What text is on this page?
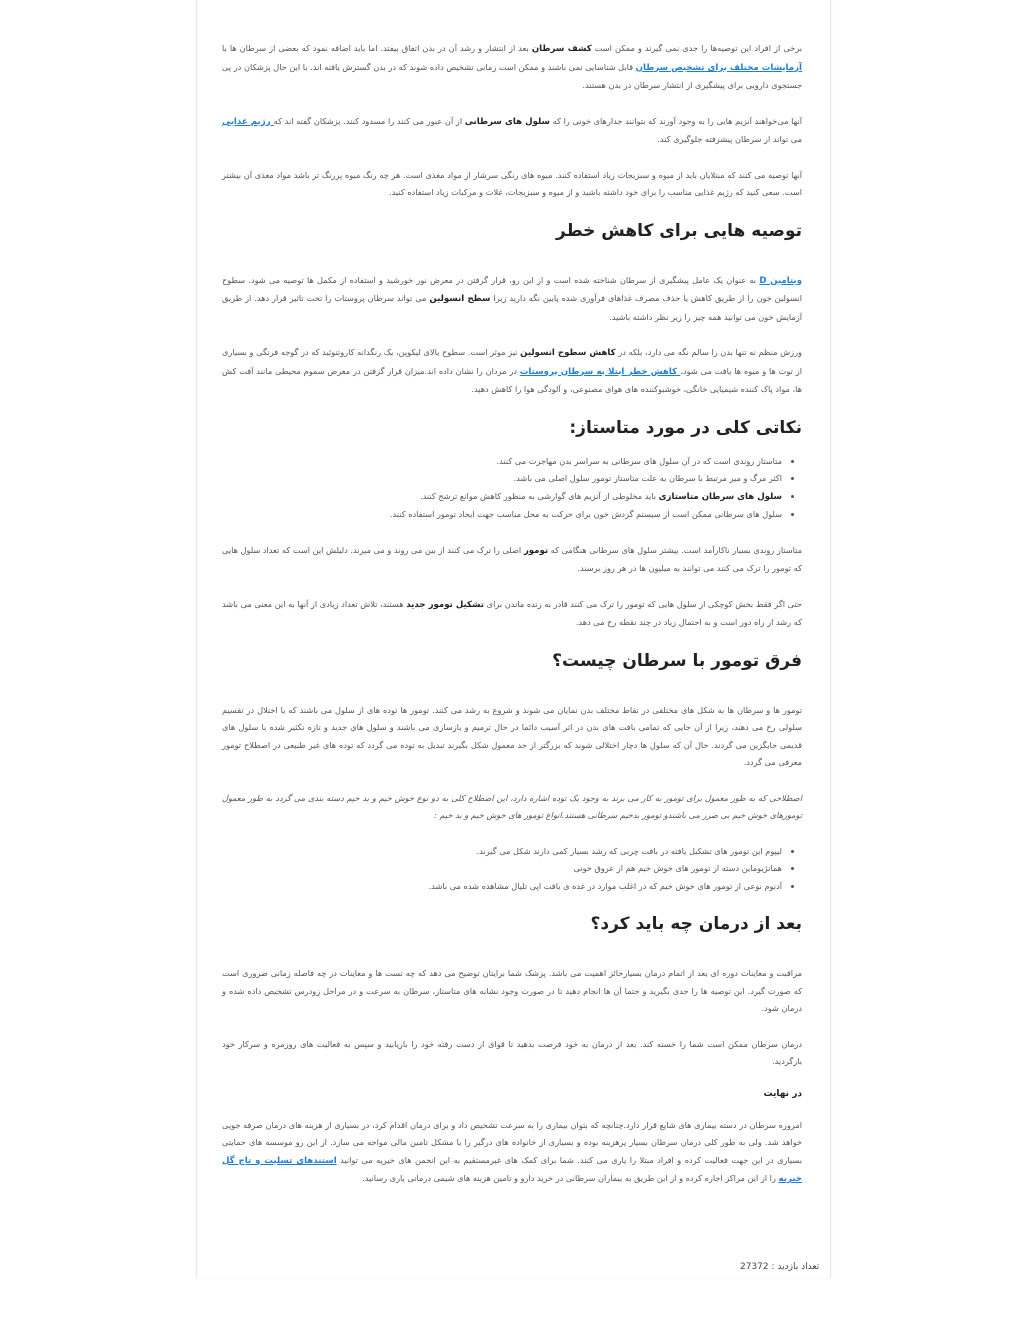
برخی از افراد این توصیه‌ها را جدی نمی گیرند و ممکن است کشف سرطان بعد از انتشار و رشد آن در بدن اتفاق بیفتد. اما باید اضافه نمود که بعضی از سرطان ها با آزمایشات مختلف برای تشخیص سرطان قابل شناسایی نمی باشند و ممکن است زمانی تشخیص داده شوند که در بدن گسترش یافته اند. با این حال پزشکان در پی جستجوی دارویی برای پیشگیری از انتشار سرطان در بدن هستند.

آنها می‌خواهند آنزیم هایی را به وجود آورند که بتوانند جدارهای خونی را که سلول های سرطانی از آن عبور می کنند را مسدود کنند. پزشکان گفته اند که رژیم غذایی می تواند از سرطان پیشرفته جلوگیری کند.

آنها توصیه می کنند که مبتلایان باید از میوه و سبزیجات زیاد استفاده کنند. میوه های رنگی سرشار از مواد مغذی است. هر چه رنگ میوه پررنگ تر باشد مواد مغذی آن بیشتر است. سعی کنید که رژیم غذایی مناسب را برای خود داشته باشید و از میوه و سبزیجات، غلات و مرکبات زیاد استفاده کنید.

توصیه هایی برای کاهش خطر

ویتامین D به عنوان یک عامل پیشگیری از سرطان شناخته شده است و از این رو، قرار گرفتن در معرض نور خورشید و استفاده از مکمل ها توصیه می شود. سطوح انسولین خون را از طریق کاهش یا حذف مصرف غذاهای فرآوری شده پایین نگه دارید زیرا سطح انسولین می تواند سرطان پروستات را تحت تاثیر قرار دهد. از طریق آزمایش خون می توانید همه چیز را زیر نظر داشته باشید.

ورزش منظم نه تنها بدن را سالم نگه می دارد، بلکه در کاهش سطوح انسولین نیز موثر است. سطوح بالای لیکوپن، یک رنگدانه کاروتنوئید که در گوجه فرنگی و بسیاری از توت ها و میوه ها یافت می شود، کاهش خطر ابتلا به سرطان پروستات در مردان را نشان داده اند.میزان قرار گرفتن در معرض سموم محیطی مانند آفت کش ها، مواد پاک کننده شیمیایی خانگی، خوشبوکننده های هوای مصنوعی، و آلودگی هوا را کاهش دهید.

نکاتی کلی در مورد متاستاز:
• متاستاز روندی است که در آن سلول های سرطانی به سراسر بدن مهاجرت می کنند.
• اکثر مرگ و میر مرتبط با سرطان به علت متاستاز تومور سلول اصلی می باشد.
• سلول های سرطان متاستازی باید مخلوطی از آنزیم های گوارشی به منظور کاهش موانع ترشح کنند.
• سلول های سرطانی ممکن است از سیستم گردش خون برای حرکت به محل مناسب جهت ایجاد تومور استفاده کنند.

متاستاز روندی بسیار ناکارآمد است. بیشتر سلول های سرطانی هنگامی که تومور اصلی را ترک می کنند از بین می روند و می میرند. دلیلش این است که تعداد سلول هایی که تومور را ترک می کنند می توانند به میلیون ها در هر روز برسند.

حتی اگر فقط بخش کوچکی از سلول هایی که تومور را ترک می کنند قادر به زنده ماندن برای تشکیل تومور جدید هستند، تلاش تعداد زیادی از آنها به این معنی می باشد که رشد از راه دور است و به احتمال زیاد در چند نقطه رخ می دهد.

فرق تومور با سرطان چیست؟

تومور ها و سرطان ها به شکل های مختلفی در نقاط مختلف بدن نمایان می شوند و شروع به رشد می کنند. تومور ها توده های از سلول می باشند که با اختلال در تقسیم سلولی رخ می دهند، زیرا از آن جایی که تمامی بافت های بدن در اثر آسیب دائما در حال ترمیم و بازسازی می باشند و سلول های جدید و تازه تکثیر شده با سلول های قدیمی جایگزین می گردند. حال آن که سلول ها دچار اختلالی شوند که بزرگتر از حد معمول شکل بگیرند تبدیل به توده می گردد که توده های غیر طبیعی در اصطلاح تومور معرفی می گردد.

اصطلاحی که به طور معمول برای تومور به کار می برند به وجود یک توده اشاره دارد، این اصطلاح کلی به دو نوع خوش خیم و بد خیم دسته بندی می گردد به طور معمول تومورهای خوش خیم بی ضرر می باشندو تومور بدخیم سرطانی هستند.انواع تومور های خوش خیم و بد خیم :

• لیپوم این تومور های تشکیل یافته در بافت چربی که رشد بسیار کمی دارند شکل می گیرند.
• همانژیوماین دسته از تومور های خوش خیم هم از عروق خونی
• آدنوم نوعی از تومور های خوش خیم که در اغلب موارد در غده ی بافت اپی تلیال مشاهده شده می باشد.
بعد از درمان چه باید کرد؟

مراقبت و معاینات دوره ای بعد از اتمام درمان بسیارحائز اهمیت می باشد. پزشک شما برایتان توضیح می دهد که چه تست ها و معاینات در چه فاصله زمانی ضروری است که صورت گیرد. این توصیه ها را جدی بگیرید و حتما آن ها انجام دهید تا در صورت وجود نشانه های متاستاز، سرطان به سرعت و در مراحل زودرس تشخیص داده شده و درمان شود.

درمان سرطان ممکن است شما را خسته کند. بعد از درمان به خود فرصت بدهید تا قوای از دست رفته خود را بازیابید و سپس به فعالیت های روزمره و سرکار خود بازگردید.

در نهایت

امروزه سرطان در دسته بیماری های شایع قرار دارد.چنانچه که بتوان بیماری را به سرعت تشخیص داد و برای درمان اقدام کرد، در بسیاری از هزینه های درمان صرفه جویی خواهد شد. ولی به طور کلی درمان سرطان بسیار پرهزینه بوده و بسیاری از خانواده های درگیر را با مشکل تامین مالی مواجه می سازد. از این رو موسسه های حمایتی بسیاری در این جهت فعالیت کرده و افراد مبتلا را یاری می کنند. شما برای کمک های غیرمستقیم به این انجمن های خیریه می توانید استندهای تسلیت و تاج گل خیریه را از این مراکز اجاره کرده و از این طریق به بیماران سرطانی در خرید دارو و تامین هزینه های شیمی درمانی یاری رسانید.

تعداد بازدید : 27372
